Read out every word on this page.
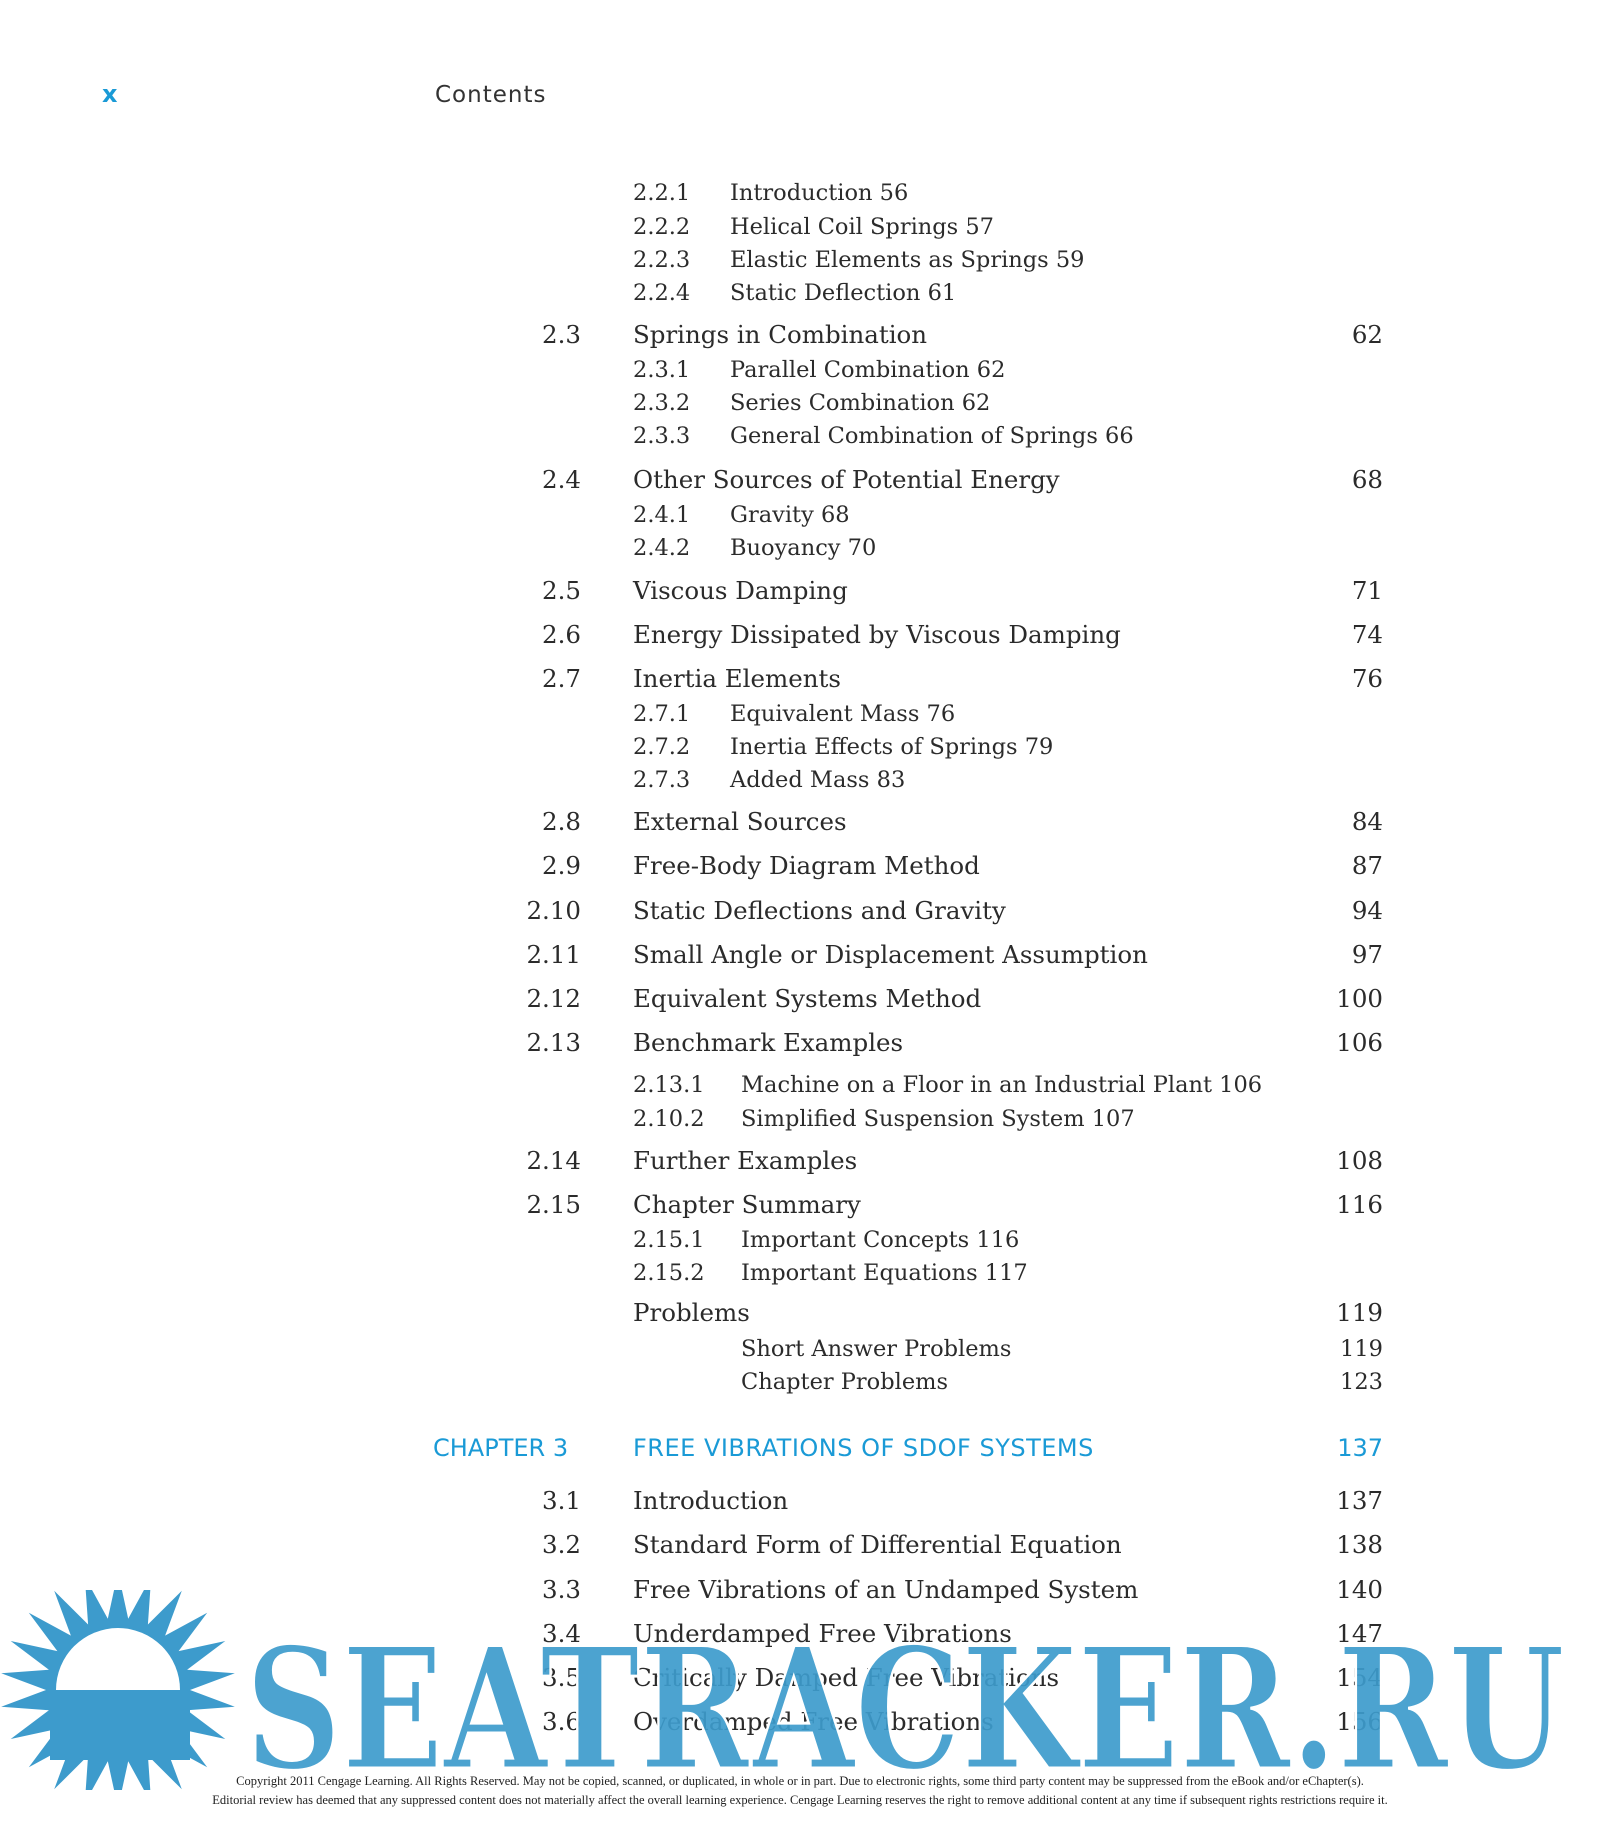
x	Contents
2.2.1 Introduction 56
2.2.2 Helical Coil Springs 57
2.2.3 Elastic Elements as Springs 59
2.2.4 Static Deflection 61
2.3 Springs in Combination	62
2.3.1 Parallel Combination 62
2.3.2 Series Combination 62
2.3.3 General Combination of Springs 66
2.4 Other Sources of Potential Energy	68
2.4.1 Gravity 68
2.4.2 Buoyancy 70
2.5 Viscous Damping	71
2.6 Energy Dissipated by Viscous Damping	74
2.7 Inertia Elements	76
2.7.1 Equivalent Mass 76
2.7.2 Inertia Effects of Springs 79
2.7.3 Added Mass 83
2.8 External Sources	84
2.9 Free-Body Diagram Method	87
2.10 Static Deflections and Gravity	94
2.11 Small Angle or Displacement Assumption	97
2.12 Equivalent Systems Method	100
2.13 Benchmark Examples	106
2.13.1 Machine on a Floor in an Industrial Plant 106
2.10.2 Simplified Suspension System 107
2.14 Further Examples	108
2.15 Chapter Summary	116
2.15.1 Important Concepts 116
2.15.2 Important Equations 117
Problems	119
Short Answer Problems	119
Chapter Problems	123
CHAPTER 3	FREE VIBRATIONS OF SDOF SYSTEMS	137
3.1 Introduction	137
3.2 Standard Form of Differential Equation	138
3.3 Free Vibrations of an Undamped System	140
3.4 Underdamped Free Vibrations	147
3.5 Critically Damped Free Vibrations	154
3.6 Overdamped Free Vibrations	156
SEATRACKER.RU
Copyright 2011 Cengage Learning. All Rights Reserved. May not be copied, scanned, or duplicated, in whole or in part. Due to electronic rights, some third party content may be suppressed from the eBook and/or eChapter(s).
Editorial review has deemed that any suppressed content does not materially affect the overall learning experience. Cengage Learning reserves the right to remove additional content at any time if subsequent rights restrictions require it.
